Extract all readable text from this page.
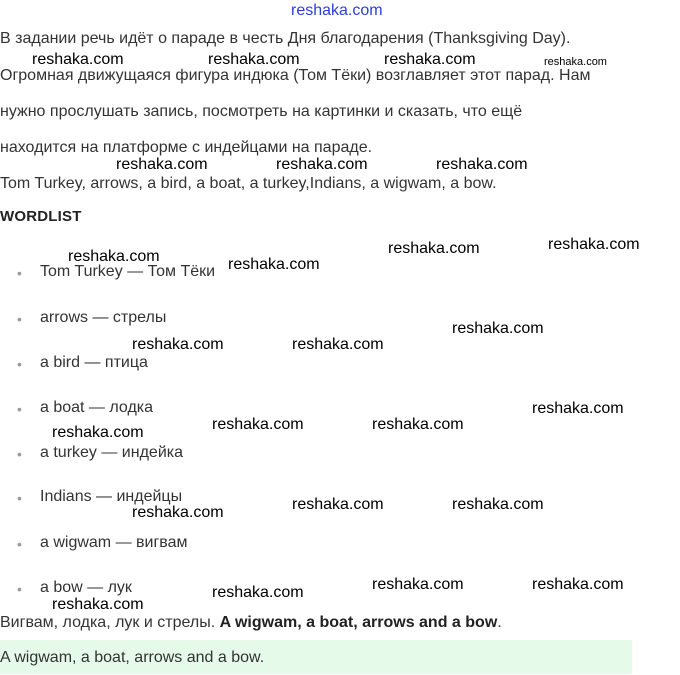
reshaka.com
В задании речь идёт о параде в честь Дня благодарения (Thanksgiving Day).
Огромная движущаяся фигура индюка (Том Тёки) возглавляет этот парад. Нам
нужно прослушать запись, посмотреть на картинки и сказать, что ещё
находится на платформе с индейцами на параде.
Tom Turkey, arrows, a bird, a boat, a turkey,Indians, a wigwam, a bow.
WORDLIST
• Tom Turkey — Том Тёки
• arrows — стрелы
• a bird — птица
• a boat — лодка
• a turkey — индейка
• Indians — индейцы
• a wigwam — вигвам
• a bow — лук
Вигвам, лодка, лук и стрелы. A wigwam, a boat, arrows and a bow.
A wigwam, a boat, arrows and a bow.
reshaka.com	reshaka.com	reshaka.com	reshaka.com
reshaka.com	reshaka.com	reshaka.com
reshaka.com	reshaka.com	reshaka.com
reshaka.com
reshaka.com
reshaka.com	reshaka.com
reshaka.com
reshaka.com	reshaka.com
reshaka.com
reshaka.com	reshaka.com
reshaka.com
reshaka.com	reshaka.com
reshaka.com
reshaka.com
